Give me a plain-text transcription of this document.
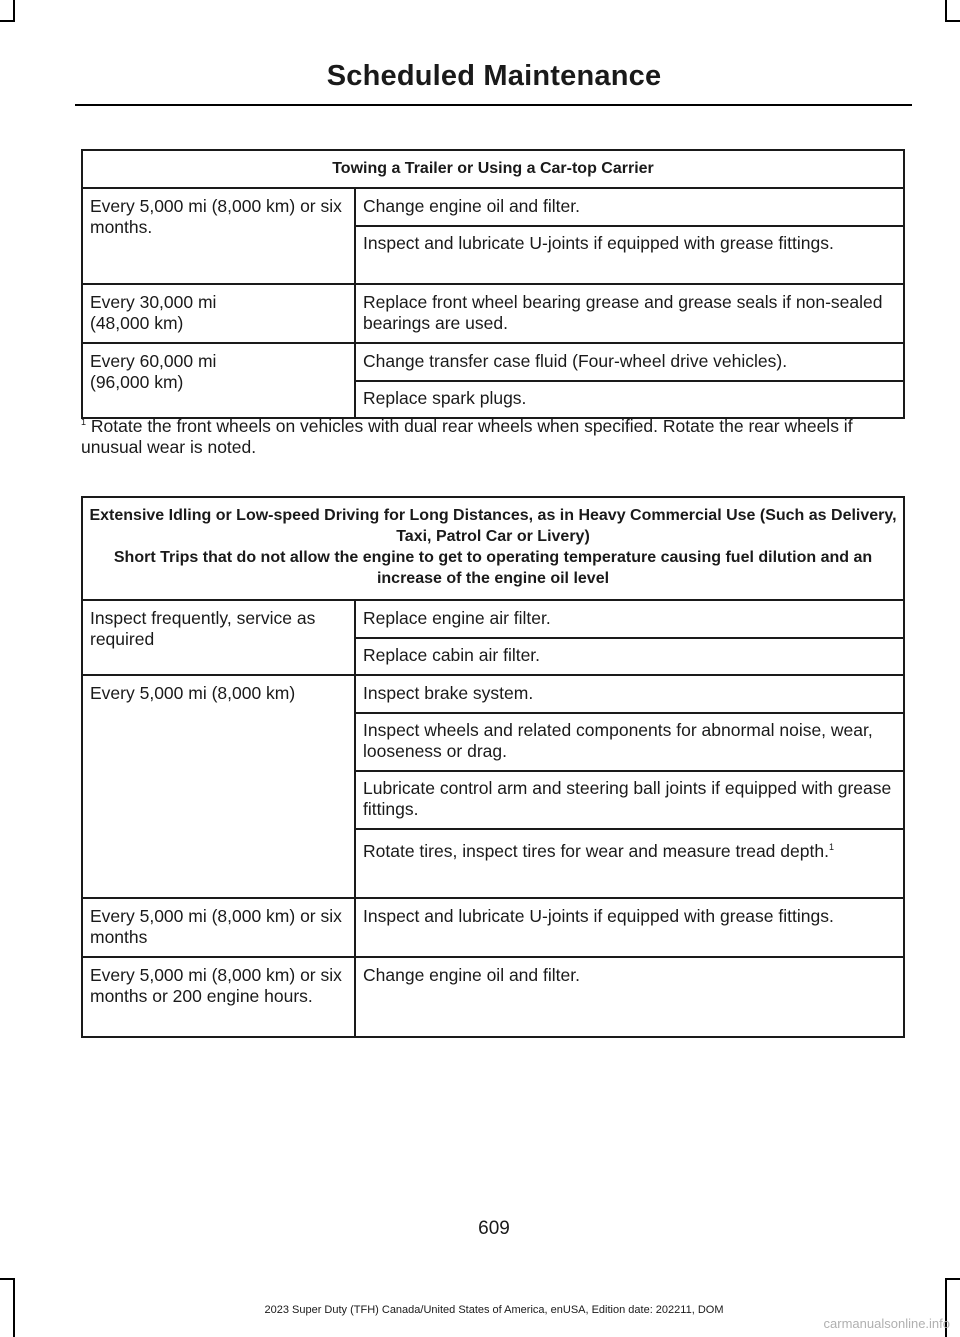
Scheduled Maintenance
Towing a Trailer or Using a Car-top Carrier	

Every 5,000 mi (8,000 km) or six months.	Change engine oil and filter.

	Inspect and lubricate U-joints if equipped with grease fittings.

Every 30,000 mi (48,000 km)	Replace front wheel bearing grease and grease seals if non-sealed bearings are used.

Every 60,000 mi (96,000 km)	Change transfer case fluid (Four-wheel drive vehicles).

	Replace spark plugs.
$^1$ Rotate the front wheels on vehicles with dual rear wheels when specified. Rotate the rear wheels if unusual wear is noted.
Extensive Idling or Low-speed Driving for Long Distances, as in Heavy Commercial Use (Such as Delivery, Taxi, Patrol Car or Livery)
Short Trips that do not allow the engine to get to operating temperature causing fuel dilution and an increase of the engine oil level	

Inspect frequently, service as required	Replace engine air filter.

	Replace cabin air filter.

Every 5,000 mi (8,000 km)	Inspect brake system.

	Inspect wheels and related components for abnormal noise, wear, looseness or drag.

	Lubricate control arm and steering ball joints if equipped with grease fittings.

	Rotate tires, inspect tires for wear and measure tread depth.$^1$

Every 5,000 mi (8,000 km) or six months	Inspect and lubricate U-joints if equipped with grease fittings.

Every 5,000 mi (8,000 km) or six months or 200 engine hours.	Change engine oil and filter.
609
2023 Super Duty (TFH) Canada/United States of America, enUSA, Edition date: 202211, DOM
carmanualsonline.info
